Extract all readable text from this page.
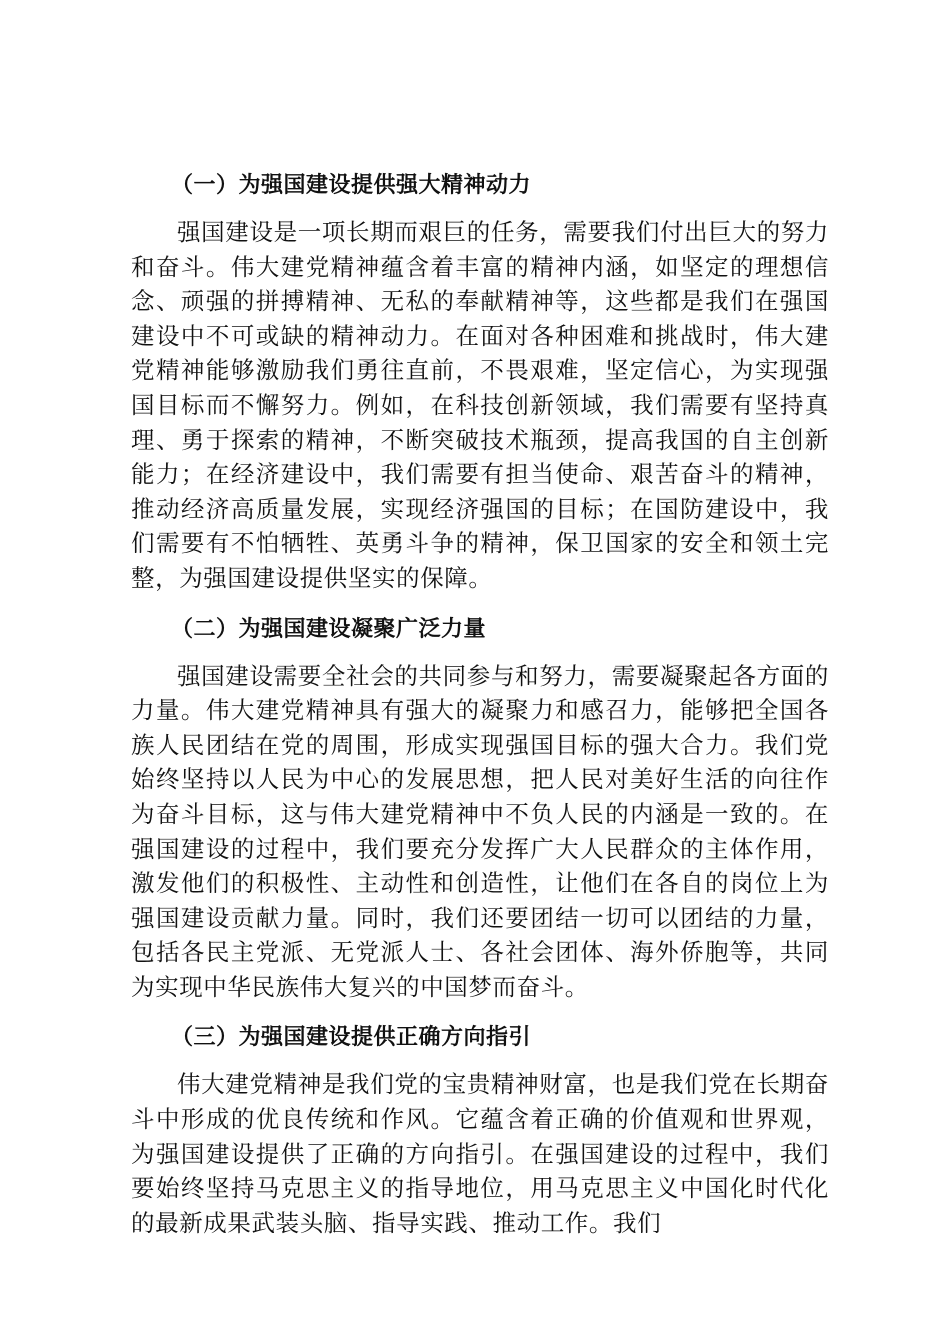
（一）为强国建设提供强大精神动力

强国建设是一项长期而艰巨的任务，需要我们付出巨大的努力和奋斗。伟大建党精神蕴含着丰富的精神内涵，如坚定的理想信念、顽强的拼搏精神、无私的奉献精神等，这些都是我们在强国建设中不可或缺的精神动力。在面对各种困难和挑战时，伟大建党精神能够激励我们勇往直前，不畏艰难，坚定信心，为实现强国目标而不懈努力。例如，在科技创新领域，我们需要有坚持真理、勇于探索的精神，不断突破技术瓶颈，提高我国的自主创新能力；在经济建设中，我们需要有担当使命、艰苦奋斗的精神，推动经济高质量发展，实现经济强国的目标；在国防建设中，我们需要有不怕牺牲、英勇斗争的精神，保卫国家的安全和领土完整，为强国建设提供坚实的保障。

（二）为强国建设凝聚广泛力量

强国建设需要全社会的共同参与和努力，需要凝聚起各方面的力量。伟大建党精神具有强大的凝聚力和感召力，能够把全国各族人民团结在党的周围，形成实现强国目标的强大合力。我们党始终坚持以人民为中心的发展思想，把人民对美好生活的向往作为奋斗目标，这与伟大建党精神中不负人民的内涵是一致的。在强国建设的过程中，我们要充分发挥广大人民群众的主体作用，激发他们的积极性、主动性和创造性，让他们在各自的岗位上为强国建设贡献力量。同时，我们还要团结一切可以团结的力量，包括各民主党派、无党派人士、各社会团体、海外侨胞等，共同为实现中华民族伟大复兴的中国梦而奋斗。

（三）为强国建设提供正确方向指引

伟大建党精神是我们党的宝贵精神财富，也是我们党在长期奋斗中形成的优良传统和作风。它蕴含着正确的价值观和世界观，为强国建设提供了正确的方向指引。在强国建设的过程中，我们要始终坚持马克思主义的指导地位，用马克思主义中国化时代化的最新成果武装头脑、指导实践、推动工作。我们
